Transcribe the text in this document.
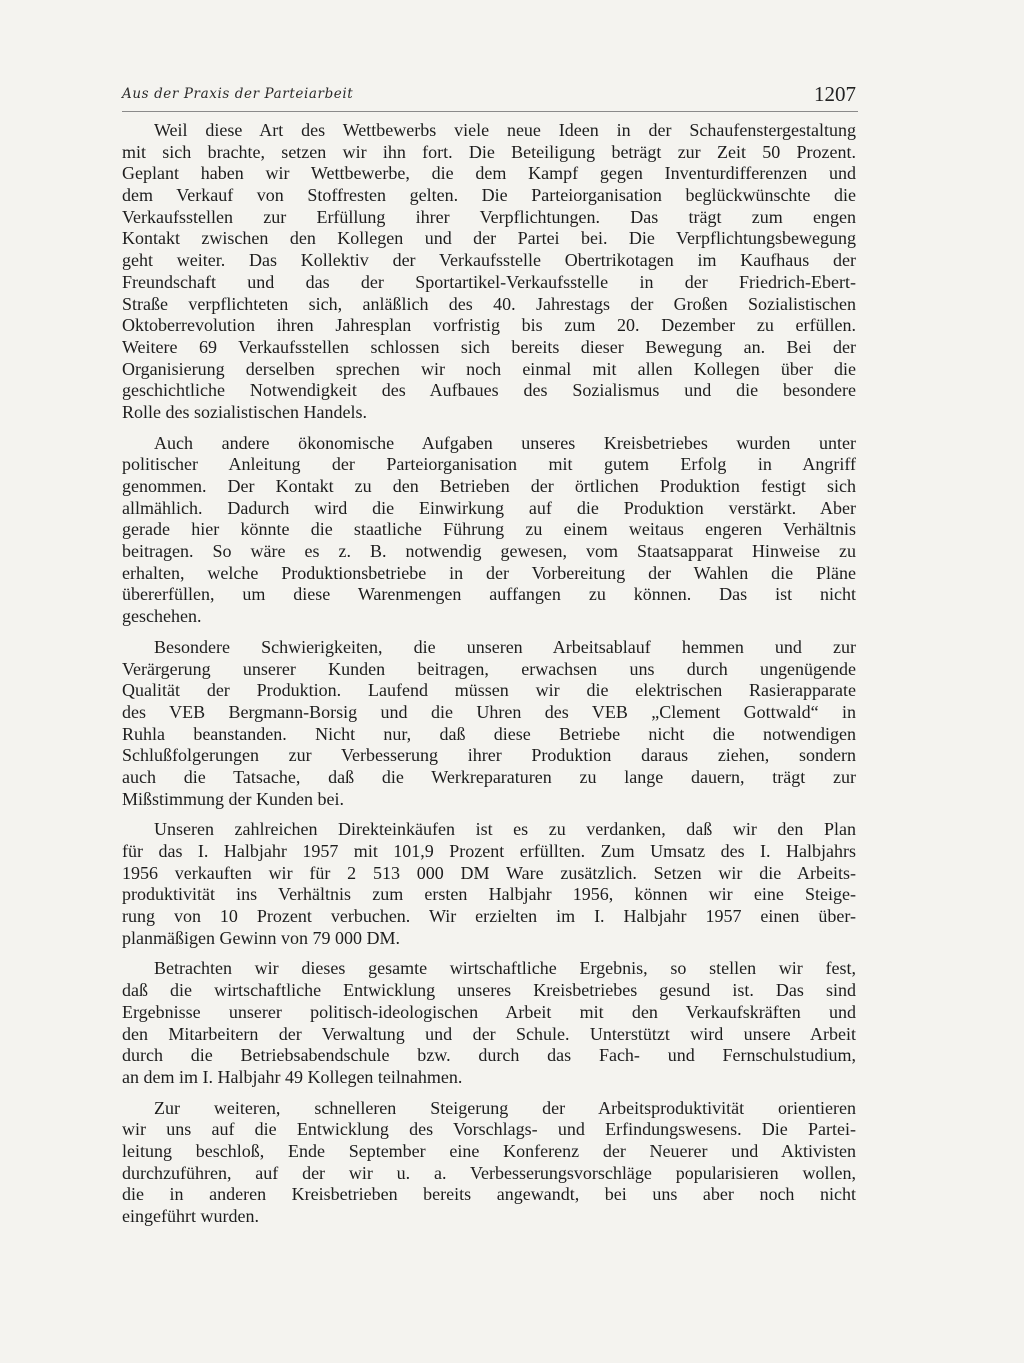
Aus der Praxis der Parteiarbeit	1207
Weil diese Art des Wettbewerbs viele neue Ideen in der Schaufenstergestaltung
mit sich brachte, setzen wir ihn fort. Die Beteiligung beträgt zur Zeit 50 Prozent.
Geplant haben wir Wettbewerbe, die dem Kampf gegen Inventurdifferenzen und
dem Verkauf von Stoffresten gelten. Die Parteiorganisation beglückwünschte die
Verkaufsstellen zur Erfüllung ihrer Verpflichtungen. Das trägt zum engen
Kontakt zwischen den Kollegen und der Partei bei. Die Verpflichtungsbewegung
geht weiter. Das Kollektiv der Verkaufsstelle Obertrikotagen im Kaufhaus der
Freundschaft und das der Sportartikel-Verkaufsstelle in der Friedrich-Ebert-
Straße verpflichteten sich, anläßlich des 40. Jahrestags der Großen Sozialistischen
Oktoberrevolution ihren Jahresplan vorfristig bis zum 20. Dezember zu erfüllen.
Weitere 69 Verkaufsstellen schlossen sich bereits dieser Bewegung an. Bei der
Organisierung derselben sprechen wir noch einmal mit allen Kollegen über die
geschichtliche Notwendigkeit des Aufbaues des Sozialismus und die besondere
Rolle des sozialistischen Handels.
Auch andere ökonomische Aufgaben unseres Kreisbetriebes wurden unter
politischer Anleitung der Parteiorganisation mit gutem Erfolg in Angriff
genommen. Der Kontakt zu den Betrieben der örtlichen Produktion festigt sich
allmählich. Dadurch wird die Einwirkung auf die Produktion verstärkt. Aber
gerade hier könnte die staatliche Führung zu einem weitaus engeren Verhältnis
beitragen. So wäre es z. B. notwendig gewesen, vom Staatsapparat Hinweise zu
erhalten, welche Produktionsbetriebe in der Vorbereitung der Wahlen die Pläne
übererfüllen, um diese Warenmengen auffangen zu können. Das ist nicht
geschehen.
Besondere Schwierigkeiten, die unseren Arbeitsablauf hemmen und zur
Verärgerung unserer Kunden beitragen, erwachsen uns durch ungenügende
Qualität der Produktion. Laufend müssen wir die elektrischen Rasierapparate
des VEB Bergmann-Borsig und die Uhren des VEB „Clement Gottwald“ in
Ruhla beanstanden. Nicht nur, daß diese Betriebe nicht die notwendigen
Schlußfolgerungen zur Verbesserung ihrer Produktion daraus ziehen, sondern
auch die Tatsache, daß die Werkreparaturen zu lange dauern, trägt zur
Mißstimmung der Kunden bei.
Unseren zahlreichen Direkteinkäufen ist es zu verdanken, daß wir den Plan
für das I. Halbjahr 1957 mit 101,9 Prozent erfüllten. Zum Umsatz des I. Halbjahrs
1956 verkauften wir für 2 513 000 DM Ware zusätzlich. Setzen wir die Arbeits-
produktivität ins Verhältnis zum ersten Halbjahr 1956, können wir eine Steige-
rung von 10 Prozent verbuchen. Wir erzielten im I. Halbjahr 1957 einen über-
planmäßigen Gewinn von 79 000 DM.
Betrachten wir dieses gesamte wirtschaftliche Ergebnis, so stellen wir fest,
daß die wirtschaftliche Entwicklung unseres Kreisbetriebes gesund ist. Das sind
Ergebnisse unserer politisch-ideologischen Arbeit mit den Verkaufskräften und
den Mitarbeitern der Verwaltung und der Schule. Unterstützt wird unsere Arbeit
durch die Betriebsabendschule bzw. durch das Fach- und Fernschulstudium,
an dem im I. Halbjahr 49 Kollegen teilnahmen.
Zur weiteren, schnelleren Steigerung der Arbeitsproduktivität orientieren
wir uns auf die Entwicklung des Vorschlags- und Erfindungswesens. Die Partei-
leitung beschloß, Ende September eine Konferenz der Neuerer und Aktivisten
durchzuführen, auf der wir u. a. Verbesserungsvorschläge popularisieren wollen,
die in anderen Kreisbetrieben bereits angewandt, bei uns aber noch nicht
eingeführt wurden.
